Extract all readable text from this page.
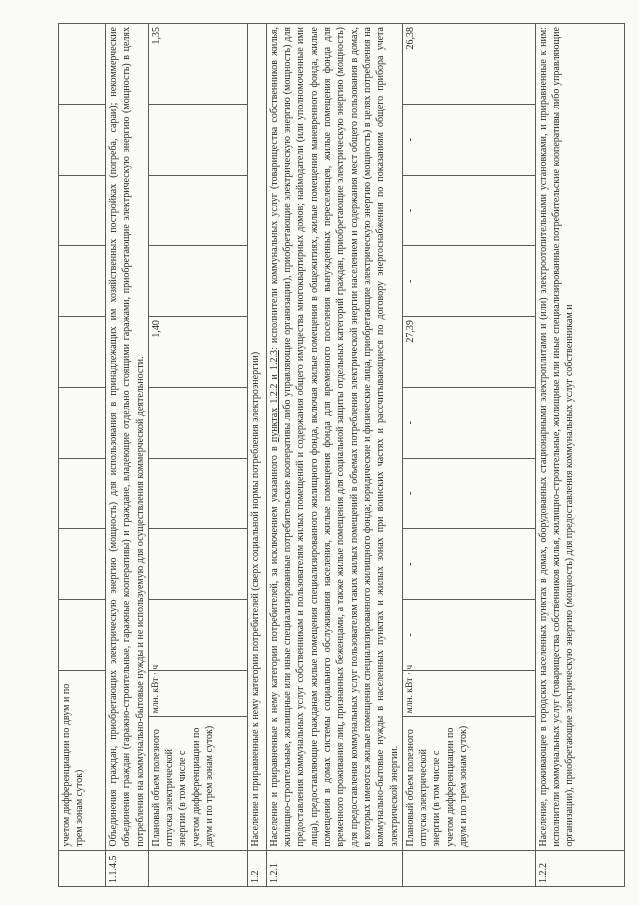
	учетом дифференциации по двум и по трем зонам суток)										
1.1.4.5	Объединения граждан, приобретающих электрическую энергию (мощность) для использования в принадлежащих им хозяйственных постройках (погреба, сараи); некоммерческие объединения граждан (гаражно-строительные, гаражные кооперативы) и граждане, владеющие отдельно стоящими гаражами, приобретающие электрическую энергию (мощность) в целях потребления на коммунально-бытовые нужды и не используемую для осуществления коммерческой деятельности.										
	Плановый объем полезного отпуска электрической энергии (в том числе с учетом дифференциации по двум и по трем зонам суток)	млн. кВт · ч					1,40				1,35
1.2	Население и приравненные к нему категории потребителей (сверх социальной нормы потребления электроэнергии)										
1.2.1	Население и приравненные к нему категории потребителей, за исключением указанного в пунктах 1.2.2 и 1.2.3: исполнители коммунальных услуг (товарищества собственников жилья, жилищно-строительные, жилищные или иные специализированные потребительские кооперативы либо управляющие организации), приобретающие электрическую энергию (мощность) для предоставления коммунальных услуг собственникам и пользователям жилых помещений и содержания общего имущества многоквартирных домов; наймодатели (или уполномоченные ими лица), предоставляющие гражданам жилые помещения специализированного жилищного фонда, включая жилые помещения в общежитиях, жилые помещения маневренного фонда, жилые помещения в домах системы социального обслуживания населения, жилые помещения фонда для временного поселения вынужденных переселенцев, жилые помещения фонда для временного проживания лиц, признанных беженцами, а также жилые помещения для социальной защиты отдельных категорий граждан, приобретающие электрическую энергию (мощность) для предоставления коммунальных услуг пользователям таких жилых помещений в объемах потребления электрической энергии населением и содержания мест общего пользования в домах, в которых имеются жилые помещения специализированного жилищного фонда; юридические и физические лица, приобретающие электрическую энергию (мощность) в целях потребления на коммунально-бытовые нужды в населенных пунктах и жилых зонах при воинских частях и рассчитывающиеся по договору энергоснабжения по показаниям общего прибора учета электрической энергии.										
	Плановый объем полезного отпуска электрической энергии (в том числе с учетом дифференциации по двум и по трем зонам суток)	млн. кВт · ч	-	-	-	-	27,39	-	-	-	26,38
1.2.2	Население, проживающее в городских населенных пунктах в домах, оборудованных стационарными электроплитами и (или) электроотопительными установками, и приравненные к ним: исполнители коммунальных услуг (товарищества собственников жилья, жилищно-строительные, жилищные или иные специализированные потребительские кооперативы либо управляющие организации), приобретающие электрическую энергию (мощность) для предоставления коммунальных услуг собственникам и										
